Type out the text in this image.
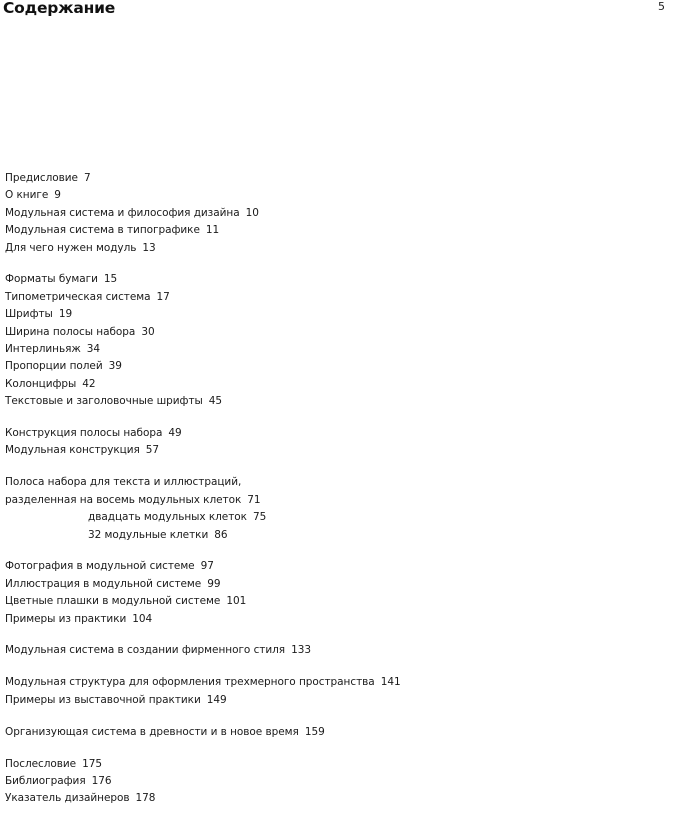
Содержание	5
Предисловие 7
О книге 9
Модульная система и философия дизайна 10
Модульная система в типографике 11
Для чего нужен модуль 13
Форматы бумаги 15
Типометрическая система 17
Шрифты 19
Ширина полосы набора 30
Интерлиньяж 34
Пропорции полей 39
Колонцифры 42
Текстовые и заголовочные шрифты 45
Конструкция полосы набора 49
Модульная конструкция 57
Полоса набора для текста и иллюстраций,
разделенная на восемь модульных клеток 71
двадцать модульных клеток 75
32 модульные клетки 86
Фотография в модульной системе 97
Иллюстрация в модульной системе 99
Цветные плашки в модульной системе 101
Примеры из практики 104
Модульная система в создании фирменного стиля 133
Модульная структура для оформления трехмерного пространства 141
Примеры из выставочной практики 149
Организующая система в древности и в новое время 159
Послесловие 175
Библиография 176
Указатель дизайнеров 178
